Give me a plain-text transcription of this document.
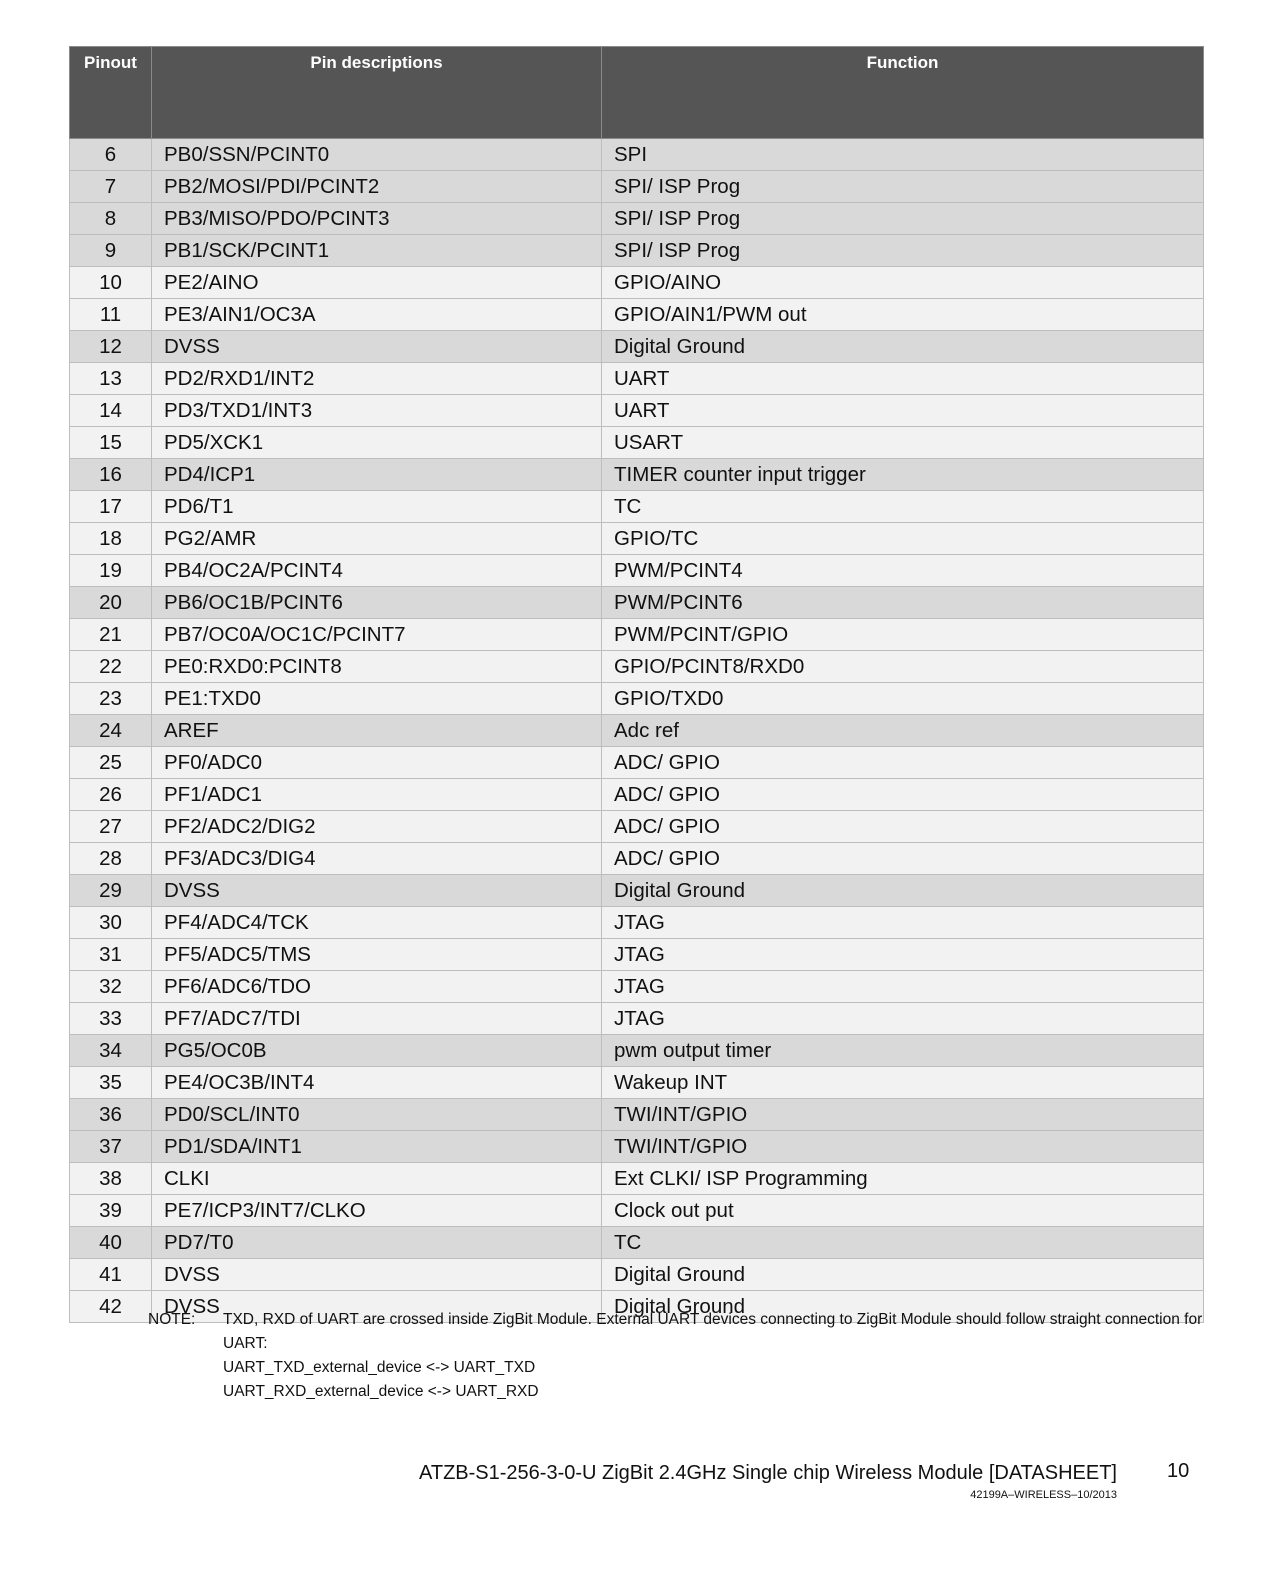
Pinout	Pin descriptions	Function
6	PB0/SSN/PCINT0	SPI
7	PB2/MOSI/PDI/PCINT2	SPI/ ISP Prog
8	PB3/MISO/PDO/PCINT3	SPI/ ISP Prog
9	PB1/SCK/PCINT1	SPI/ ISP Prog
10	PE2/AINO	GPIO/AINO
11	PE3/AIN1/OC3A	GPIO/AIN1/PWM out
12	DVSS	Digital Ground
13	PD2/RXD1/INT2	UART
14	PD3/TXD1/INT3	UART
15	PD5/XCK1	USART
16	PD4/ICP1	TIMER counter input trigger
17	PD6/T1	TC
18	PG2/AMR	GPIO/TC
19	PB4/OC2A/PCINT4	PWM/PCINT4
20	PB6/OC1B/PCINT6	PWM/PCINT6
21	PB7/OC0A/OC1C/PCINT7	PWM/PCINT/GPIO
22	PE0:RXD0:PCINT8	GPIO/PCINT8/RXD0
23	PE1:TXD0	GPIO/TXD0
24	AREF	Adc ref
25	PF0/ADC0	ADC/ GPIO
26	PF1/ADC1	ADC/ GPIO
27	PF2/ADC2/DIG2	ADC/ GPIO
28	PF3/ADC3/DIG4	ADC/ GPIO
29	DVSS	Digital Ground
30	PF4/ADC4/TCK	JTAG
31	PF5/ADC5/TMS	JTAG
32	PF6/ADC6/TDO	JTAG
33	PF7/ADC7/TDI	JTAG
34	PG5/OC0B	pwm output timer
35	PE4/OC3B/INT4	Wakeup INT
36	PD0/SCL/INT0	TWI/INT/GPIO
37	PD1/SDA/INT1	TWI/INT/GPIO
38	CLKI	Ext CLKI/ ISP Programming
39	PE7/ICP3/INT7/CLKO	Clock out put
40	PD7/T0	TC
41	DVSS	Digital Ground
42	DVSS	Digital Ground
NOTE: TXD, RXD of UART are crossed inside ZigBit Module. External UART devices connecting to ZigBit Module should follow straight connection for UART:
UART_TXD_external_device <-> UART_TXD
UART_RXD_external_device <-> UART_RXD
ATZB-S1-256-3-0-U ZigBit 2.4GHz Single chip Wireless Module [DATASHEET]	10
42199A–WIRELESS–10/2013
